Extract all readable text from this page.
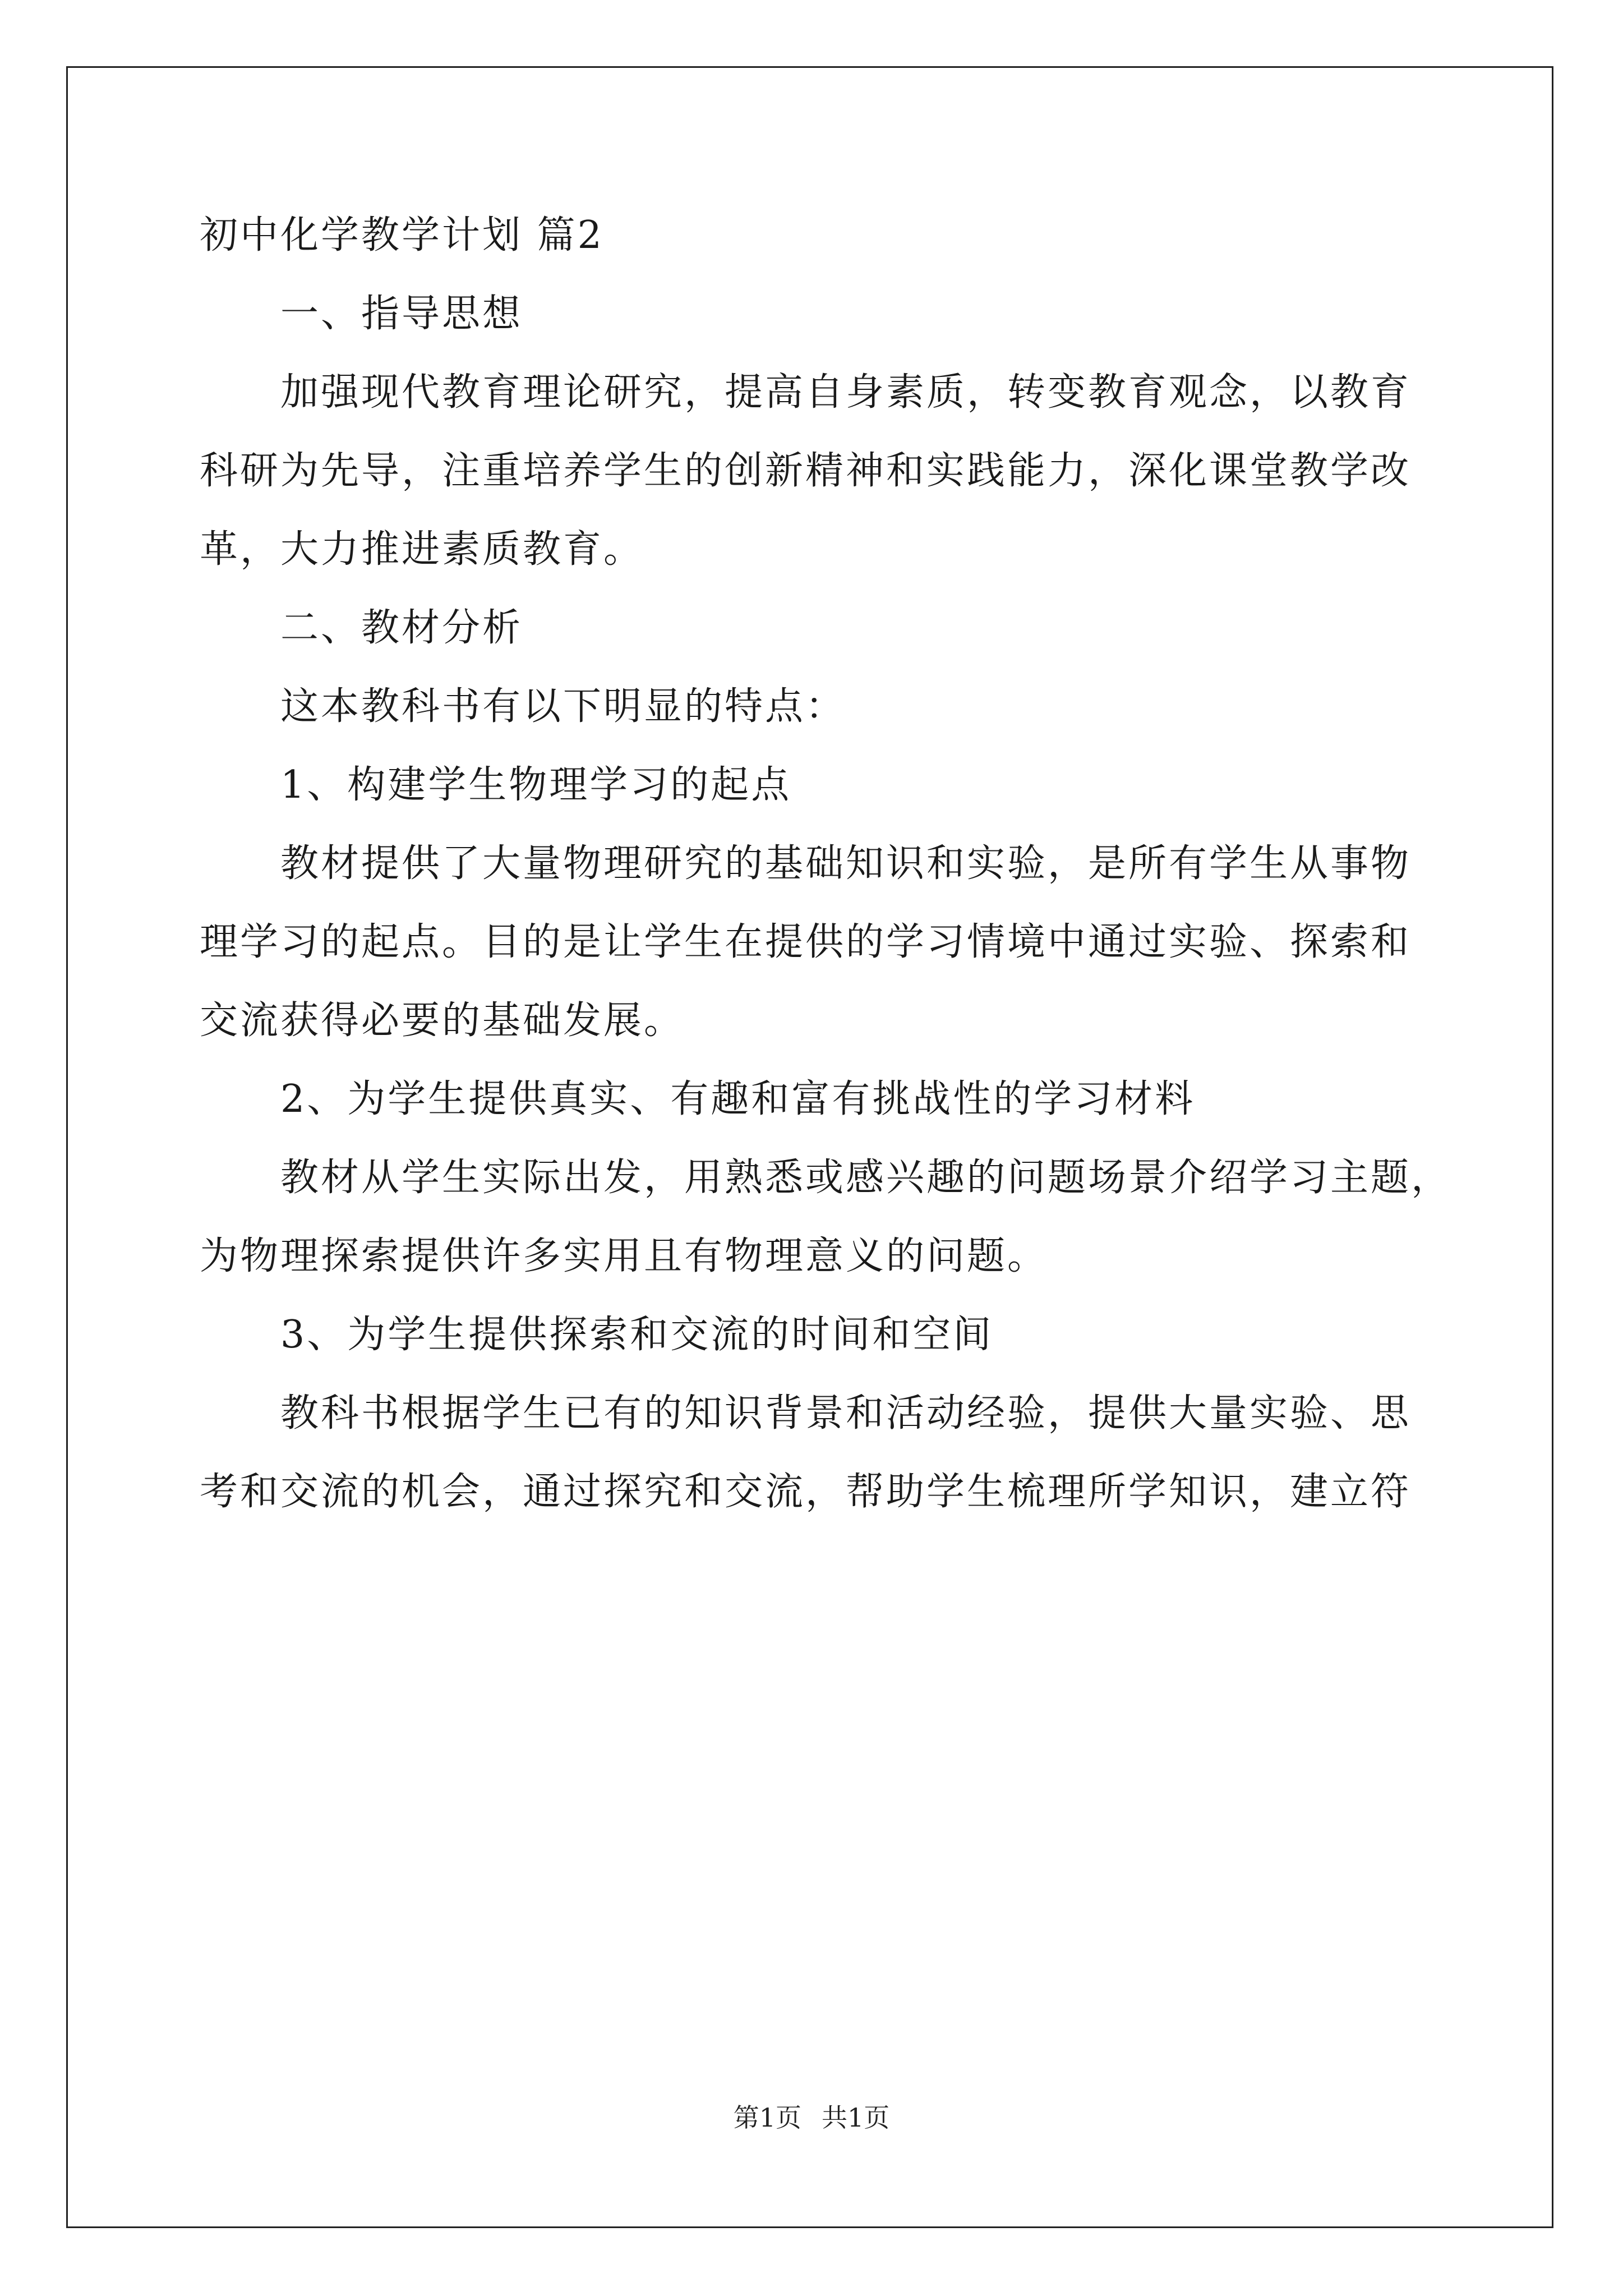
初中化学教学计划 篇2
一、指导思想
加强现代教育理论研究，提高自身素质，转变教育观念，以教育
科研为先导，注重培养学生的创新精神和实践能力，深化课堂教学改
革，大力推进素质教育。
二、教材分析
这本教科书有以下明显的特点：
1、构建学生物理学习的起点
教材提供了大量物理研究的基础知识和实验，是所有学生从事物
理学习的起点。目的是让学生在提供的学习情境中通过实验、探索和
交流获得必要的基础发展。
2、为学生提供真实、有趣和富有挑战性的学习材料
教材从学生实际出发，用熟悉或感兴趣的问题场景介绍学习主题，
为物理探索提供许多实用且有物理意义的问题。
3、为学生提供探索和交流的时间和空间
教科书根据学生已有的知识背景和活动经验，提供大量实验、思
考和交流的机会，通过探究和交流，帮助学生梳理所学知识，建立符
第1页 共1页
